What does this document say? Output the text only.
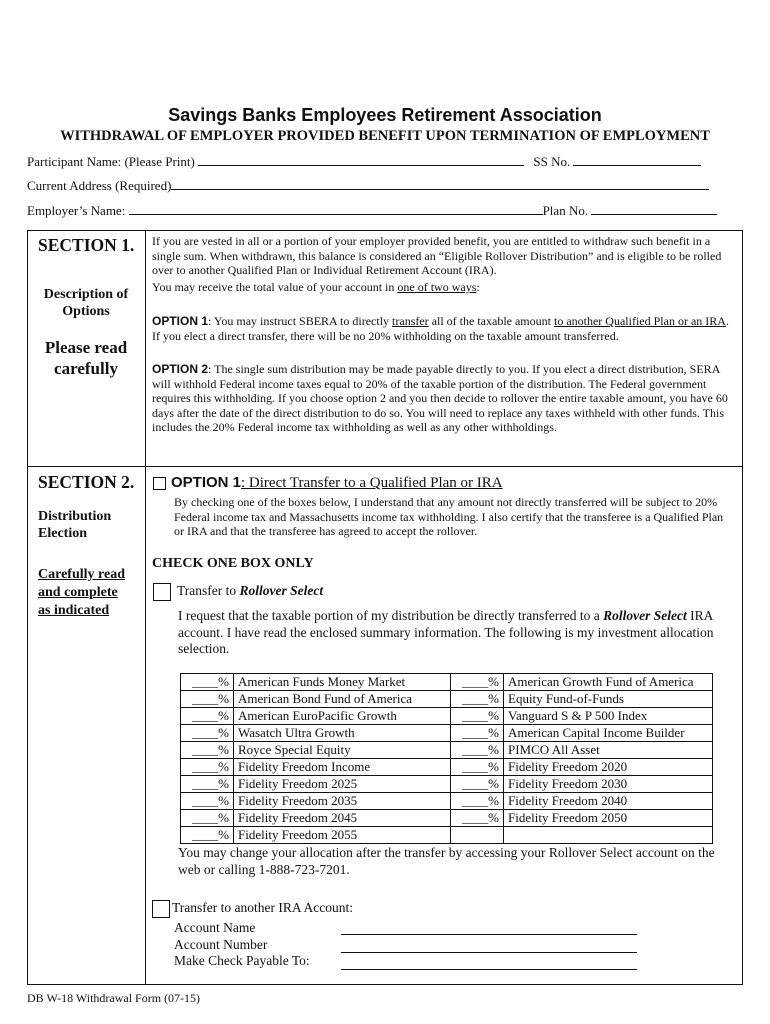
Savings Banks Employees Retirement Association
WITHDRAWAL OF EMPLOYER PROVIDED BENEFIT UPON TERMINATION OF EMPLOYMENT
Participant Name: (Please Print)	SS No.
Current Address (Required)
Employer’s Name:	Plan No.
SECTION 1.
Description of
Options
Please read
carefully
If you are vested in all or a portion of your employer provided benefit, you are entitled to withdraw such benefit in a single sum. When withdrawn, this balance is considered an “Eligible Rollover Distribution” and is eligible to be rolled over to another Qualified Plan or Individual Retirement Account (IRA).
You may receive the total value of your account in one of two ways:
OPTION 1: You may instruct SBERA to directly transfer all of the taxable amount to another Qualified Plan or an IRA. If you elect a direct transfer, there will be no 20% withholding on the taxable amount transferred.
OPTION 2: The single sum distribution may be made payable directly to you. If you elect a direct distribution, SERA will withhold Federal income taxes equal to 20% of the taxable portion of the distribution. The Federal government requires this withholding. If you choose option 2 and you then decide to rollover the entire taxable amount, you have 60 days after the date of the direct distribution to do so. You will need to replace any taxes withheld with other funds. This includes the 20% Federal income tax withholding as well as any other withholdings.
SECTION 2.
Distribution
Election
Carefully read
and complete
as indicated
OPTION 1: Direct Transfer to a Qualified Plan or IRA
By checking one of the boxes below, I understand that any amount not directly transferred will be subject to 20% Federal income tax and Massachusetts income tax withholding. I also certify that the transferee is a Qualified Plan or IRA and that the transferee has agreed to accept the rollover.
CHECK ONE BOX ONLY
Transfer to Rollover Select
I request that the taxable portion of my distribution be directly transferred to a Rollover Select IRA account. I have read the enclosed summary information. The following is my investment allocation selection.
____%	American Funds Money Market	____%	American Growth Fund of America
____%	American Bond Fund of America	____%	Equity Fund-of-Funds
____%	American EuroPacific Growth	____%	Vanguard S & P 500 Index
____%	Wasatch Ultra Growth	____%	American Capital Income Builder
____%	Royce Special Equity	____%	PIMCO All Asset
____%	Fidelity Freedom Income	____%	Fidelity Freedom 2020
____%	Fidelity Freedom 2025	____%	Fidelity Freedom 2030
____%	Fidelity Freedom 2035	____%	Fidelity Freedom 2040
____%	Fidelity Freedom 2045	____%	Fidelity Freedom 2050
____%	Fidelity Freedom 2055		
You may change your allocation after the transfer by accessing your Rollover Select account on the web or calling 1-888-723-7201.
Transfer to another IRA Account:
Account Name
Account Number
Make Check Payable To:
DB W-18 Withdrawal Form (07-15)
